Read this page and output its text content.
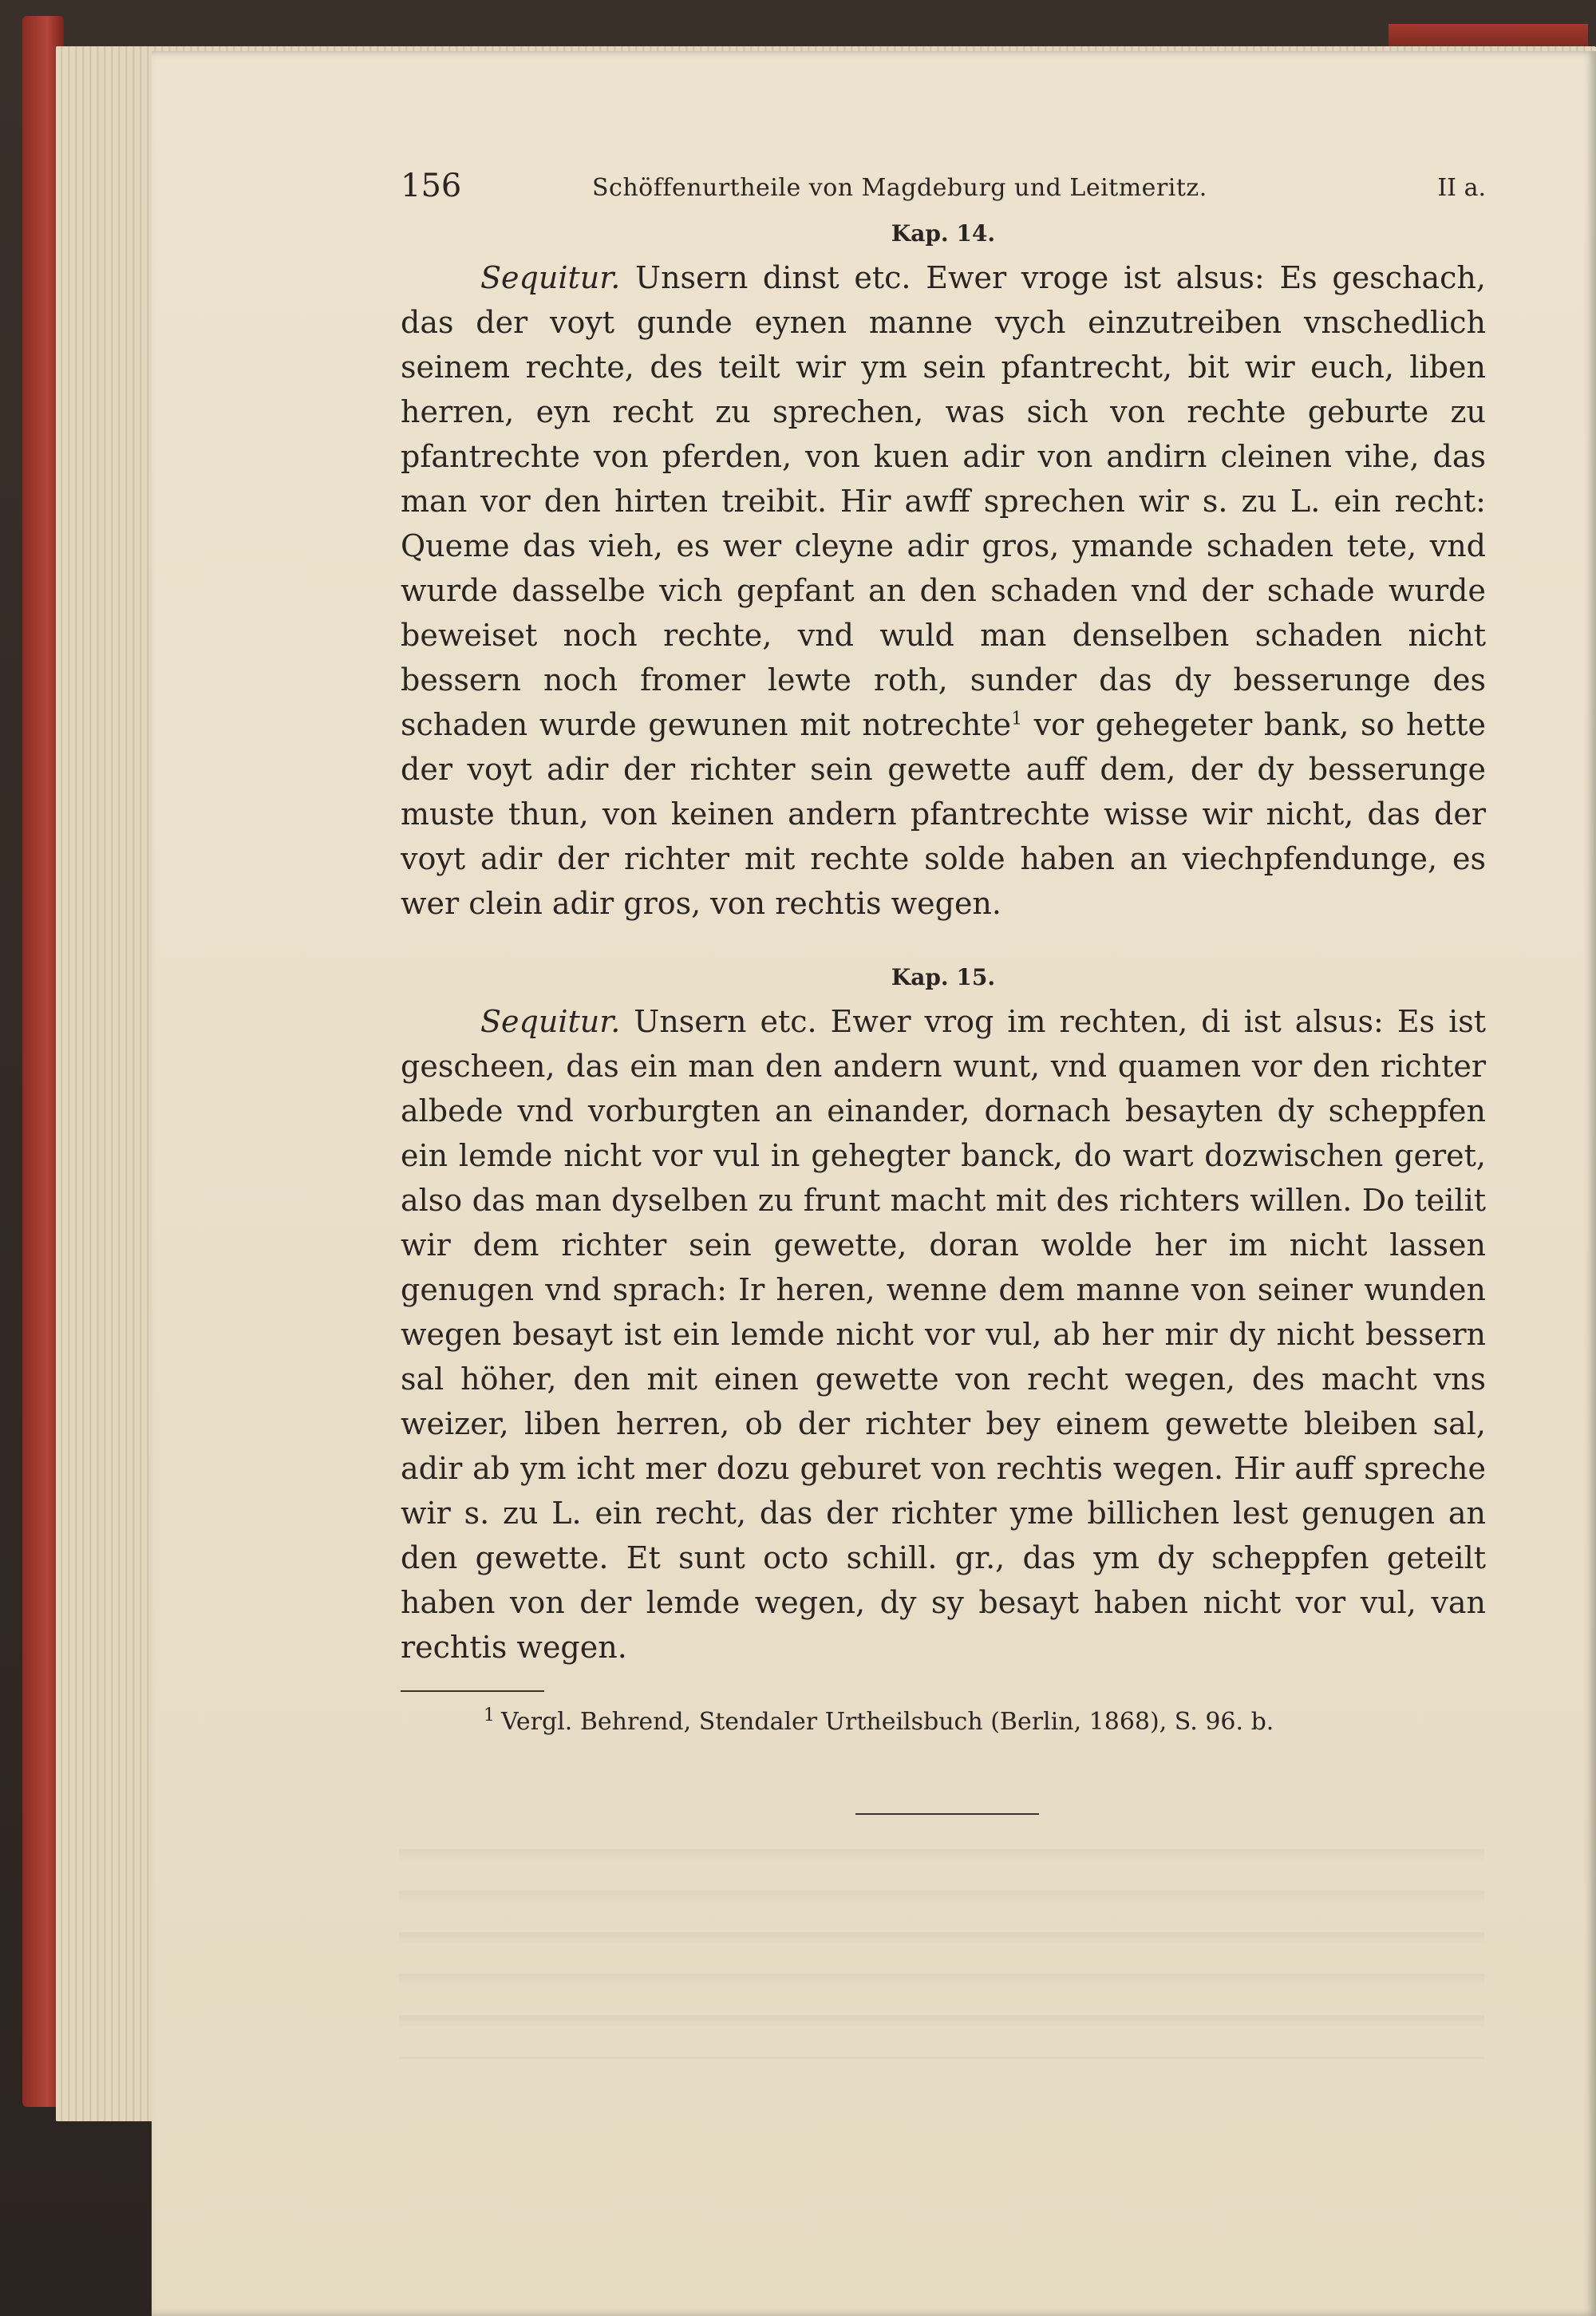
156	Schöffenurtheile von Magdeburg und Leitmeritz.	II a.
Kap. 14.

Sequitur. Unsern dinst etc. Ewer vroge ist alsus: Es geschach, das der voyt gunde eynen manne vych einzutreiben vnschedlich seinem rechte, des teilt wir ym sein pfantrecht, bit wir euch, liben herren, eyn recht zu sprechen, was sich von rechte geburte zu pfantrechte von pferden, von kuen adir von andirn cleinen vihe, das man vor den hirten treibit. Hir awff sprechen wir s. zu L. ein recht: Queme das vieh, es wer cleyne adir gros, ymande schaden tete, vnd wurde dasselbe vich gepfant an den schaden vnd der schade wurde beweiset noch rechte, vnd wuld man denselben schaden nicht bessern noch fromer lewte roth, sunder das dy besserunge des schaden wurde gewunen mit notrechte$^1$ vor gehegeter bank, so hette der voyt adir der richter sein gewette auff dem, der dy besserunge muste thun, von keinen andern pfantrechte wisse wir nicht, das der voyt adir der richter mit rechte solde haben an viechpfendunge, es wer clein adir gros, von rechtis wegen.

Kap. 15.

Sequitur. Unsern etc. Ewer vrog im rechten, di ist alsus: Es ist gescheen, das ein man den andern wunt, vnd quamen vor den richter albede vnd vorburgten an einander, dornach besayten dy scheppfen ein lemde nicht vor vul in gehegter banck, do wart dozwischen geret, also das man dyselben zu frunt macht mit des richters willen. Do teilit wir dem richter sein gewette, doran wolde her im nicht lassen genugen vnd sprach: Ir heren, wenne dem manne von seiner wunden wegen besayt ist ein lemde nicht vor vul, ab her mir dy nicht bessern sal höher, den mit einen gewette von recht wegen, des macht vns weizer, liben herren, ob der richter bey einem gewette bleiben sal, adir ab ym icht mer dozu geburet von rechtis wegen. Hir auff spreche wir s. zu L. ein recht, das der richter yme billichen lest genugen an den gewette. Et sunt octo schill. gr., das ym dy scheppfen geteilt haben von der lemde wegen, dy sy besayt haben nicht vor vul, van rechtis wegen.

$^1$ Vergl. Behrend, Stendaler Urtheilsbuch (Berlin, 1868), S. 96. b.
